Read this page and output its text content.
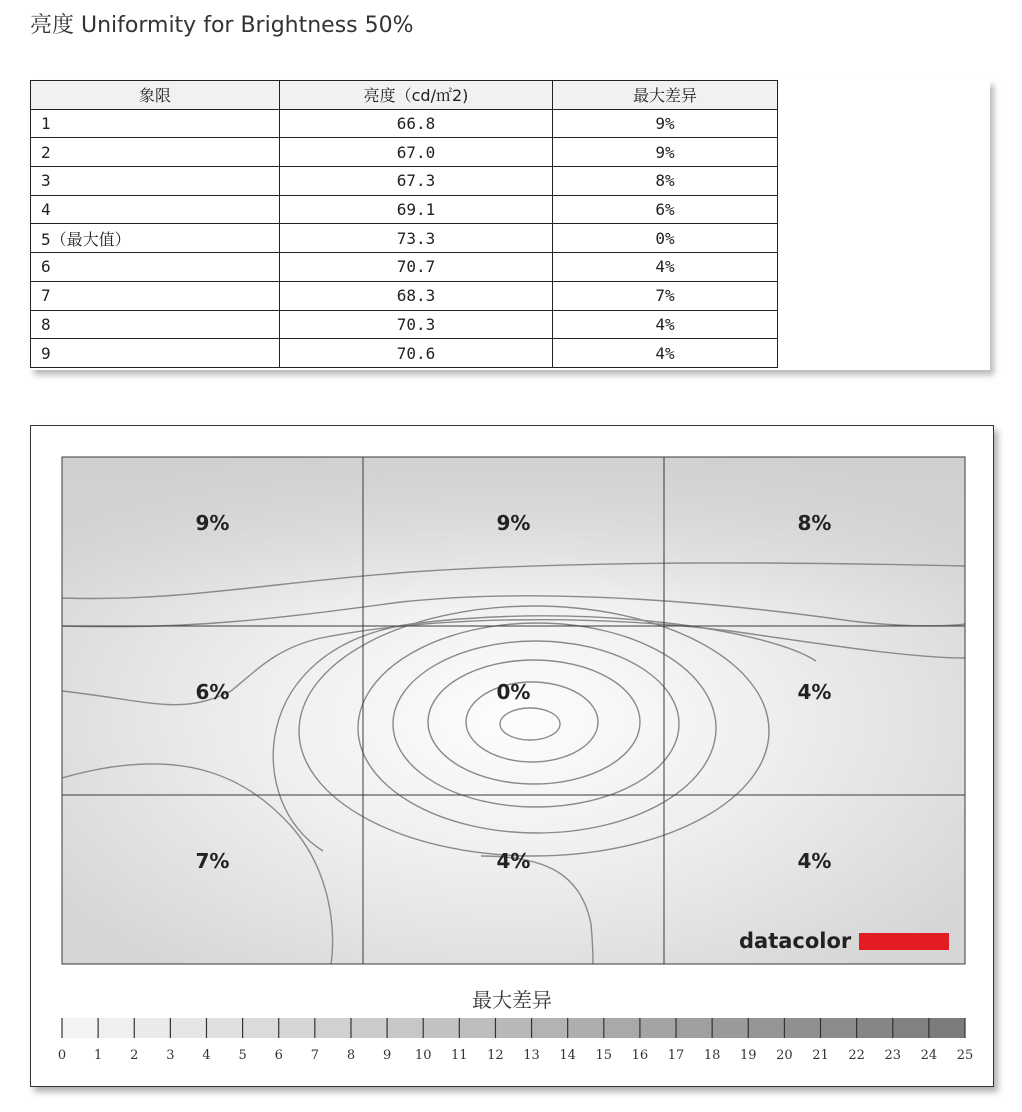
亮度 Uniformity for Brightness 50%
象限	亮度（cd/㎡2)	最大差异
1	66.8	9%
2	67.0	9%
3	67.3	8%
4	69.1	6%
5（最大值）	73.3	0%
6	70.7	4%
7	68.3	7%
8	70.3	4%
9	70.6	4%
9%	9%	8%
6%	0%	4%
7%	4%	4%
datacolor
最大差异
0 1 2 3 4 5 6 7 8 9 10 11 12 13 14 15 16 17 18 19 20 21 22 23 24 25
